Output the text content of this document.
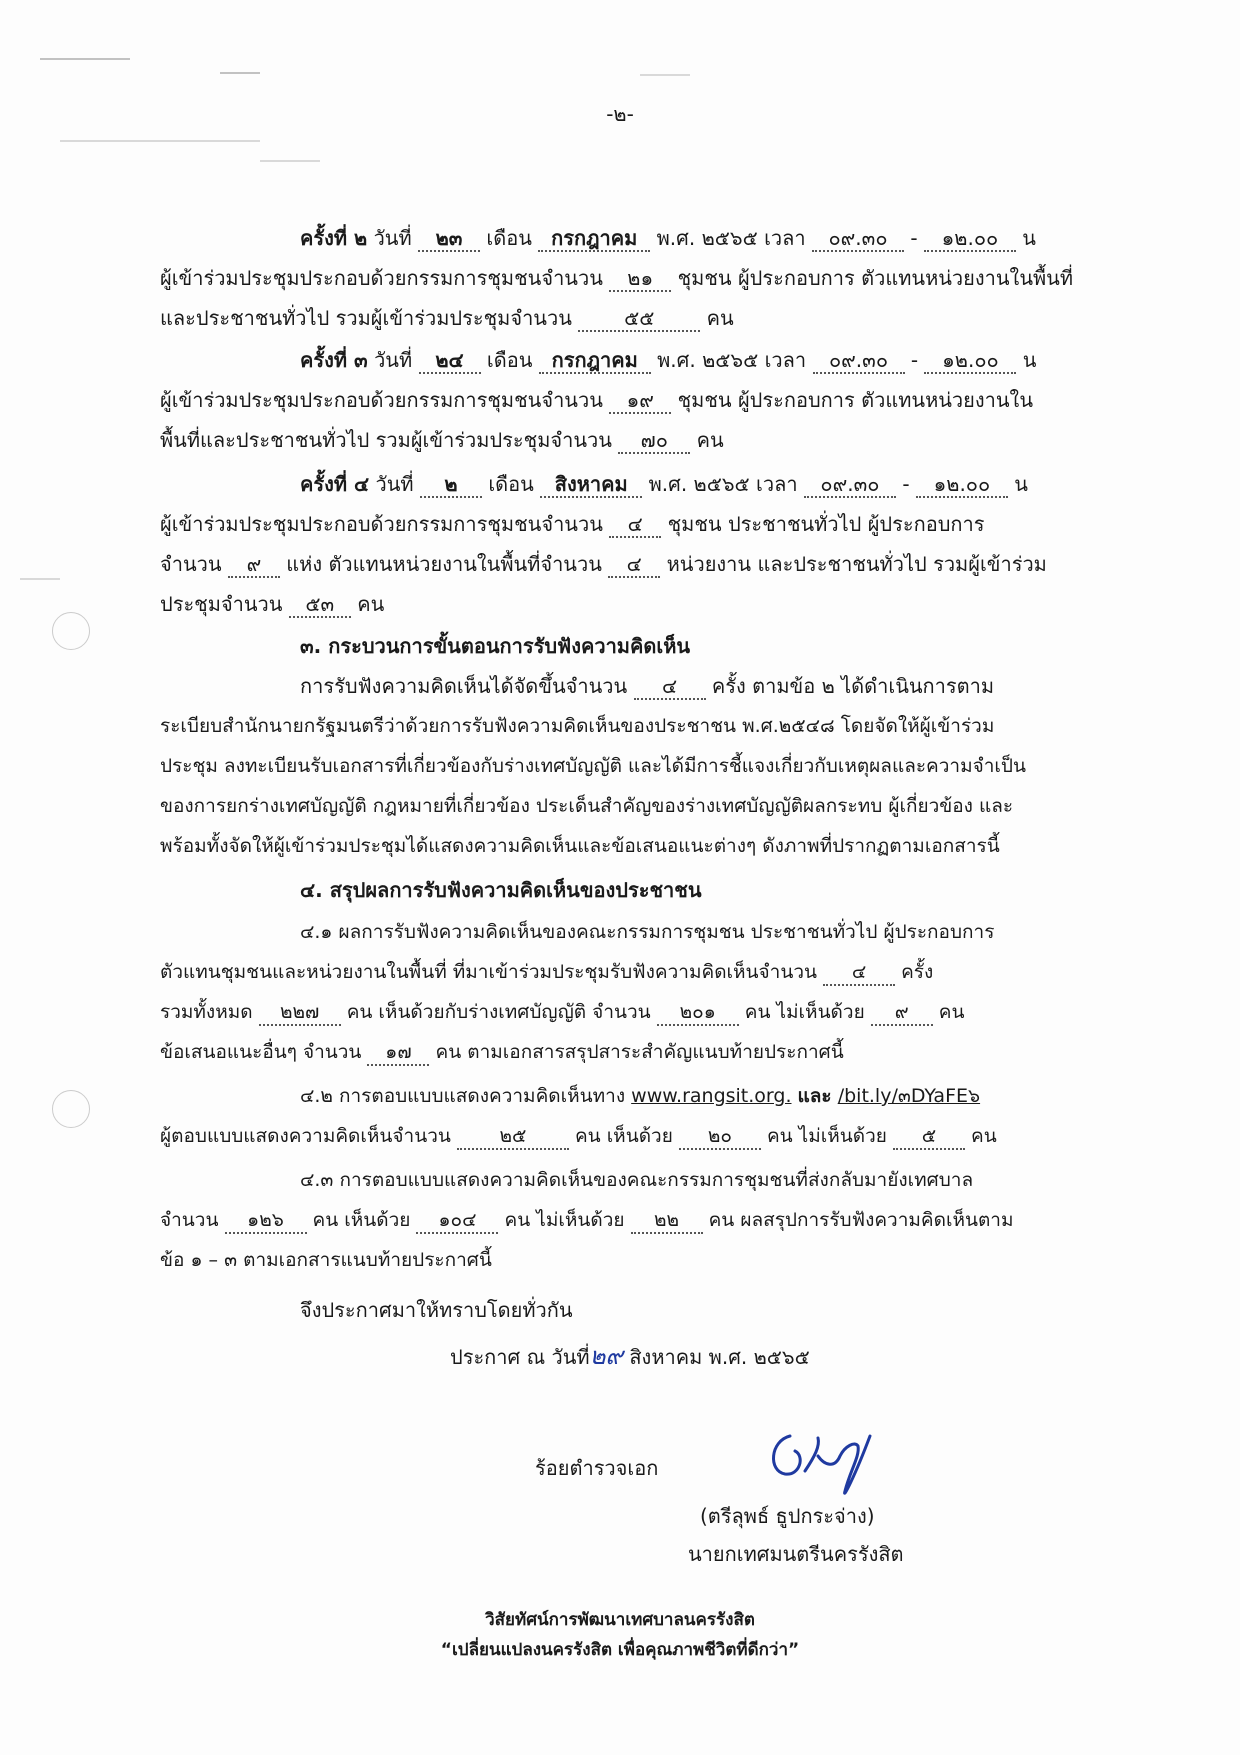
-๒-
ครั้งที่ ๒ วันที่ ๒๓ เดือน กรกฎาคม พ.ศ. ๒๕๖๕ เวลา ๐๙.๓๐ - ๑๒.๐๐ น
ผู้เข้าร่วมประชุมประกอบด้วยกรรมการชุมชนจำนวน ๒๑ ชุมชน ผู้ประกอบการ ตัวแทนหน่วยงานในพื้นที่
และประชาชนทั่วไป รวมผู้เข้าร่วมประชุมจำนวน	๕๕	คน
ครั้งที่ ๓ วันที่ ๒๔ เดือน กรกฎาคม พ.ศ. ๒๕๖๕ เวลา ๐๙.๓๐ - ๑๒.๐๐ น
ผู้เข้าร่วมประชุมประกอบด้วยกรรมการชุมชนจำนวน ๑๙ ชุมชน ผู้ประกอบการ ตัวแทนหน่วยงานใน
พื้นที่และประชาชนทั่วไป รวมผู้เข้าร่วมประชุมจำนวน ๗๐ คน
ครั้งที่ ๔ วันที่ ๒ เดือน สิงหาคม พ.ศ. ๒๕๖๕ เวลา ๐๙.๓๐ - ๑๒.๐๐ น
ผู้เข้าร่วมประชุมประกอบด้วยกรรมการชุมชนจำนวน ๔ ชุมชน ประชาชนทั่วไป ผู้ประกอบการ
จำนวน ๙ แห่ง ตัวแทนหน่วยงานในพื้นที่จำนวน ๔ หน่วยงาน และประชาชนทั่วไป รวมผู้เข้าร่วม
ประชุมจำนวน ๕๓ คน
๓. กระบวนการขั้นตอนการรับฟังความคิดเห็น
การรับฟังความคิดเห็นได้จัดขึ้นจำนวน ๔ ครั้ง ตามข้อ ๒ ได้ดำเนินการตาม
ระเบียบสำนักนายกรัฐมนตรีว่าด้วยการรับฟังความคิดเห็นของประชาชน พ.ศ.๒๕๔๘ โดยจัดให้ผู้เข้าร่วม
ประชุม ลงทะเบียนรับเอกสารที่เกี่ยวข้องกับร่างเทศบัญญัติ และได้มีการชี้แจงเกี่ยวกับเหตุผลและความจำเป็น
ของการยกร่างเทศบัญญัติ กฎหมายที่เกี่ยวข้อง ประเด็นสำคัญของร่างเทศบัญญัติผลกระทบ ผู้เกี่ยวข้อง และ
พร้อมทั้งจัดให้ผู้เข้าร่วมประชุมได้แสดงความคิดเห็นและข้อเสนอแนะต่างๆ ดังภาพที่ปรากฏตามเอกสารนี้
๔. สรุปผลการรับฟังความคิดเห็นของประชาชน
๔.๑ ผลการรับฟังความคิดเห็นของคณะกรรมการชุมชน ประชาชนทั่วไป ผู้ประกอบการ
ตัวแทนชุมชนและหน่วยงานในพื้นที่ ที่มาเข้าร่วมประชุมรับฟังความคิดเห็นจำนวน ๔ ครั้ง
รวมทั้งหมด ๒๒๗ คน เห็นด้วยกับร่างเทศบัญญัติ จำนวน ๒๐๑ คน ไม่เห็นด้วย ๙ คน
ข้อเสนอแนะอื่นๆ จำนวน ๑๗ คน ตามเอกสารสรุปสาระสำคัญแนบท้ายประกาศนี้
๔.๒ การตอบแบบแสดงความคิดเห็นทาง www.rangsit.org. และ /bit.ly/๓DYaFE๖
ผู้ตอบแบบแสดงความคิดเห็นจำนวน	๒๕	คน เห็นด้วย ๒๐ คน ไม่เห็นด้วย ๕ คน
๔.๓ การตอบแบบแสดงความคิดเห็นของคณะกรรมการชุมชนที่ส่งกลับมายังเทศบาล
จำนวน ๑๒๖ คน เห็นด้วย ๑๐๔ คน ไม่เห็นด้วย ๒๒ คน ผลสรุปการรับฟังความคิดเห็นตาม
ข้อ ๑ – ๓ ตามเอกสารแนบท้ายประกาศนี้
จึงประกาศมาให้ทราบโดยทั่วกัน
ประกาศ ณ วันที่๒๙ สิงหาคม พ.ศ. ๒๕๖๕
ร้อยตำรวจเอก
(ตรีลุพธ์ ธูปกระจ่าง)
นายกเทศมนตรีนครรังสิต
วิสัยทัศน์การพัฒนาเทศบาลนครรังสิต
“เปลี่ยนแปลงนครรังสิต เพื่อคุณภาพชีวิตที่ดีกว่า”
